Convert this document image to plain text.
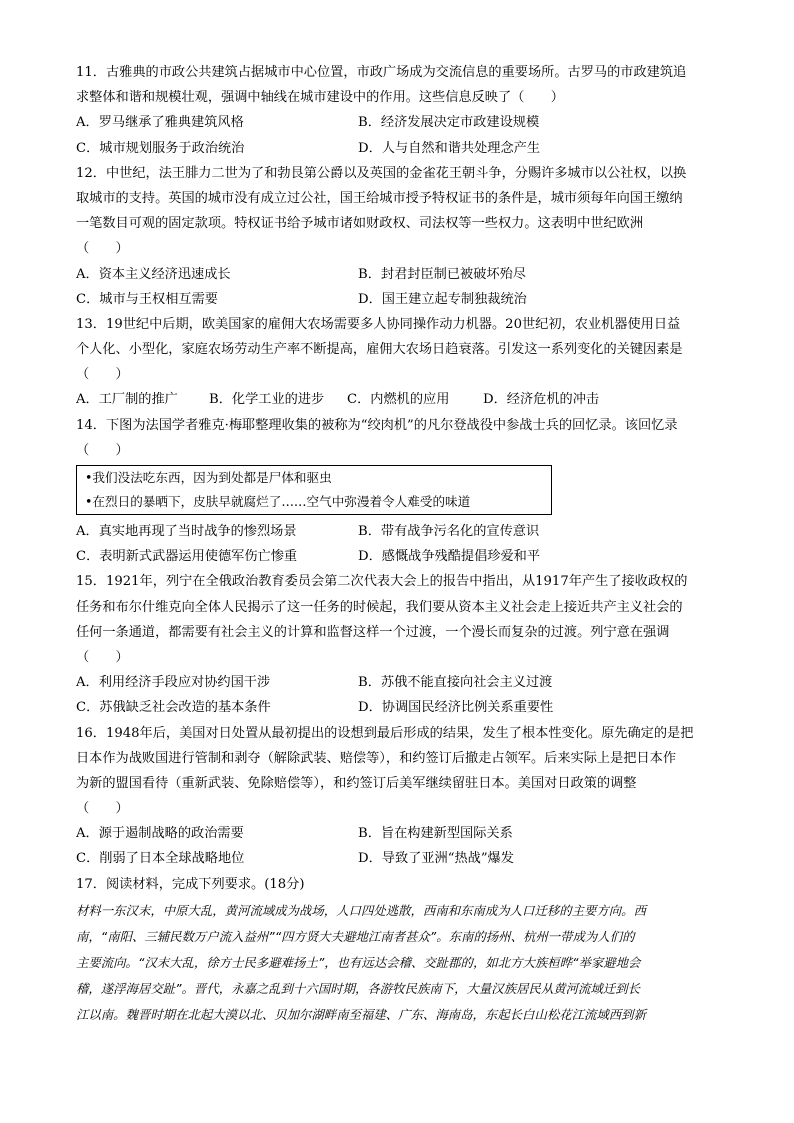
11．古雅典的市政公共建筑占据城市中心位置，市政广场成为交流信息的重要场所。古罗马的市政建筑追
求整体和谐和规模壮观，强调中轴线在城市建设中的作用。这些信息反映了（　　）
A．罗马继承了雅典建筑风格	B．经济发展决定市政建设规模
C．城市规划服务于政治统治	D．人与自然和谐共处理念产生
12．中世纪，法王腓力二世为了和勃艮第公爵以及英国的金雀花王朝斗争，分赐许多城市以公社权，以换
取城市的支持。英国的城市没有成立过公社，国王给城市授予特权证书的条件是，城市须每年向国王缴纳
一笔数目可观的固定款项。特权证书给予城市诸如财政权、司法权等一些权力。这表明中世纪欧洲
（　　）
A．资本主义经济迅速成长	B．封君封臣制已被破坏殆尽
C．城市与王权相互需要	D．国王建立起专制独裁统治
13．19世纪中后期，欧美国家的雇佣大农场需要多人协同操作动力机器。20世纪初，农业机器使用日益
个人化、小型化，家庭农场劳动生产率不断提高，雇佣大农场日趋衰落。引发这一系列变化的关键因素是
（　　）
A．工厂制的推广	B．化学工业的进步	C．内燃机的应用	D．经济危机的冲击
14．下图为法国学者雅克·梅耶整理收集的被称为“绞肉机”的凡尔登战役中参战士兵的回忆录。该回忆录
（　　）
•我们没法吃东西，因为到处都是尸体和驱虫
•在烈日的暴晒下，皮肤早就腐烂了……空气中弥漫着令人难受的味道
A．真实地再现了当时战争的惨烈场景	B．带有战争污名化的宣传意识
C．表明新式武器运用使德军伤亡惨重	D．感慨战争残酷提倡珍爱和平
15．1921年，列宁在全俄政治教育委员会第二次代表大会上的报告中指出，从1917年产生了接收政权的
任务和布尔什维克向全体人民揭示了这一任务的时候起，我们要从资本主义社会走上接近共产主义社会的
任何一条通道，都需要有社会主义的计算和监督这样一个过渡，一个漫长而复杂的过渡。列宁意在强调
（　　）
A．利用经济手段应对协约国干涉	B．苏俄不能直接向社会主义过渡
C．苏俄缺乏社会改造的基本条件	D．协调国民经济比例关系重要性
16．1948年后，美国对日处置从最初提出的设想到最后形成的结果，发生了根本性变化。原先确定的是把
日本作为战败国进行管制和剥夺（解除武装、赔偿等），和约签订后撤走占领军。后来实际上是把日本作
为新的盟国看待（重新武装、免除赔偿等），和约签订后美军继续留驻日本。美国对日政策的调整
（　　）
A．源于遏制战略的政治需要	B．旨在构建新型国际关系
C．削弱了日本全球战略地位	D．导致了亚洲“热战”爆发
17．阅读材料，完成下列要求。(18分)
材料一东汉末，中原大乱，黄河流域成为战场，人口四处逃散，西南和东南成为人口迁移的主要方向。西
南，“南阳、三辅民数万户流入益州”“四方贤大夫避地江南者甚众”。东南的扬州、杭州一带成为人们的
主要流向。“汉末大乱，徐方士民多避难扬土”，也有远达会稽、交趾郡的，如北方大族桓晔“举家避地会
稽，遂浮海居交趾”。晋代，永嘉之乱到十六国时期，各游牧民族南下，大量汉族居民从黄河流域迁到长
江以南。魏晋时期在北起大漠以北、贝加尔湖畔南至福建、广东、海南岛，东起长白山松花江流域西到新
